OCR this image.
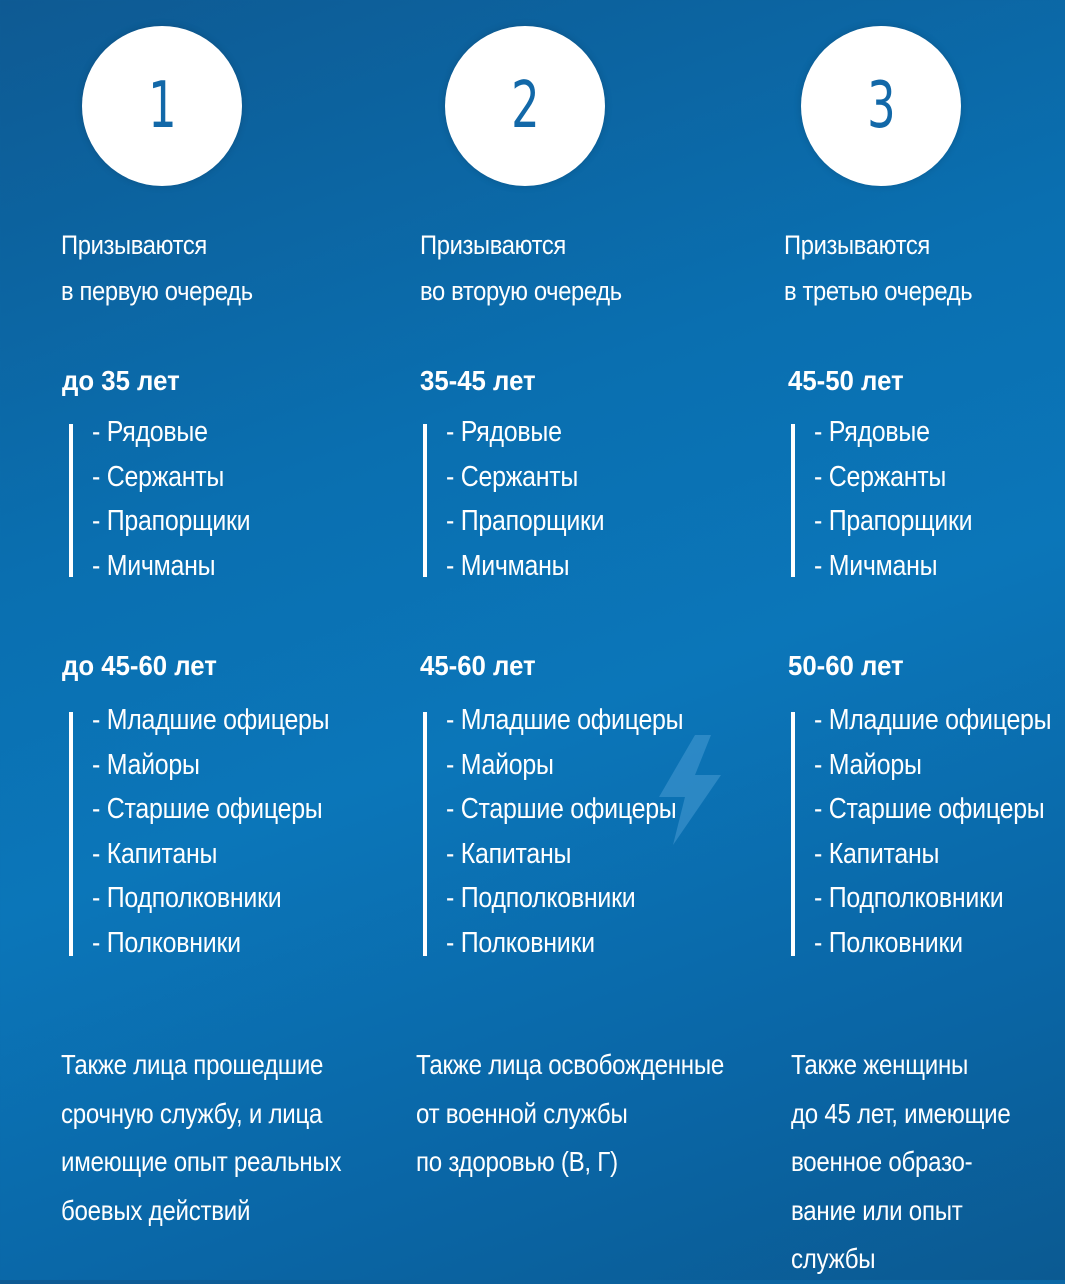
1
Призываются
в первую очередь
до 35 лет
- Рядовые
- Сержанты
- Прапорщики
- Мичманы
до 45-60 лет
- Младшие офицеры
- Майоры
- Старшие офицеры
- Капитаны
- Подполковники
- Полковники
Также лица прошедшие
срочную службу, и лица
имеющие опыт реальных
боевых действий
2
Призываются
во вторую очередь
35-45 лет
- Рядовые
- Сержанты
- Прапорщики
- Мичманы
45-60 лет
- Младшие офицеры
- Майоры
- Старшие офицеры
- Капитаны
- Подполковники
- Полковники
Также лица освобожденные
от военной службы
по здоровью (В, Г)
3
Призываются
в третью очередь
45-50 лет
- Рядовые
- Сержанты
- Прапорщики
- Мичманы
50-60 лет
- Младшие офицеры
- Майоры
- Старшие офицеры
- Капитаны
- Подполковники
- Полковники
Также женщины
до 45 лет, имеющие
военное образо-
вание или опыт
службы
